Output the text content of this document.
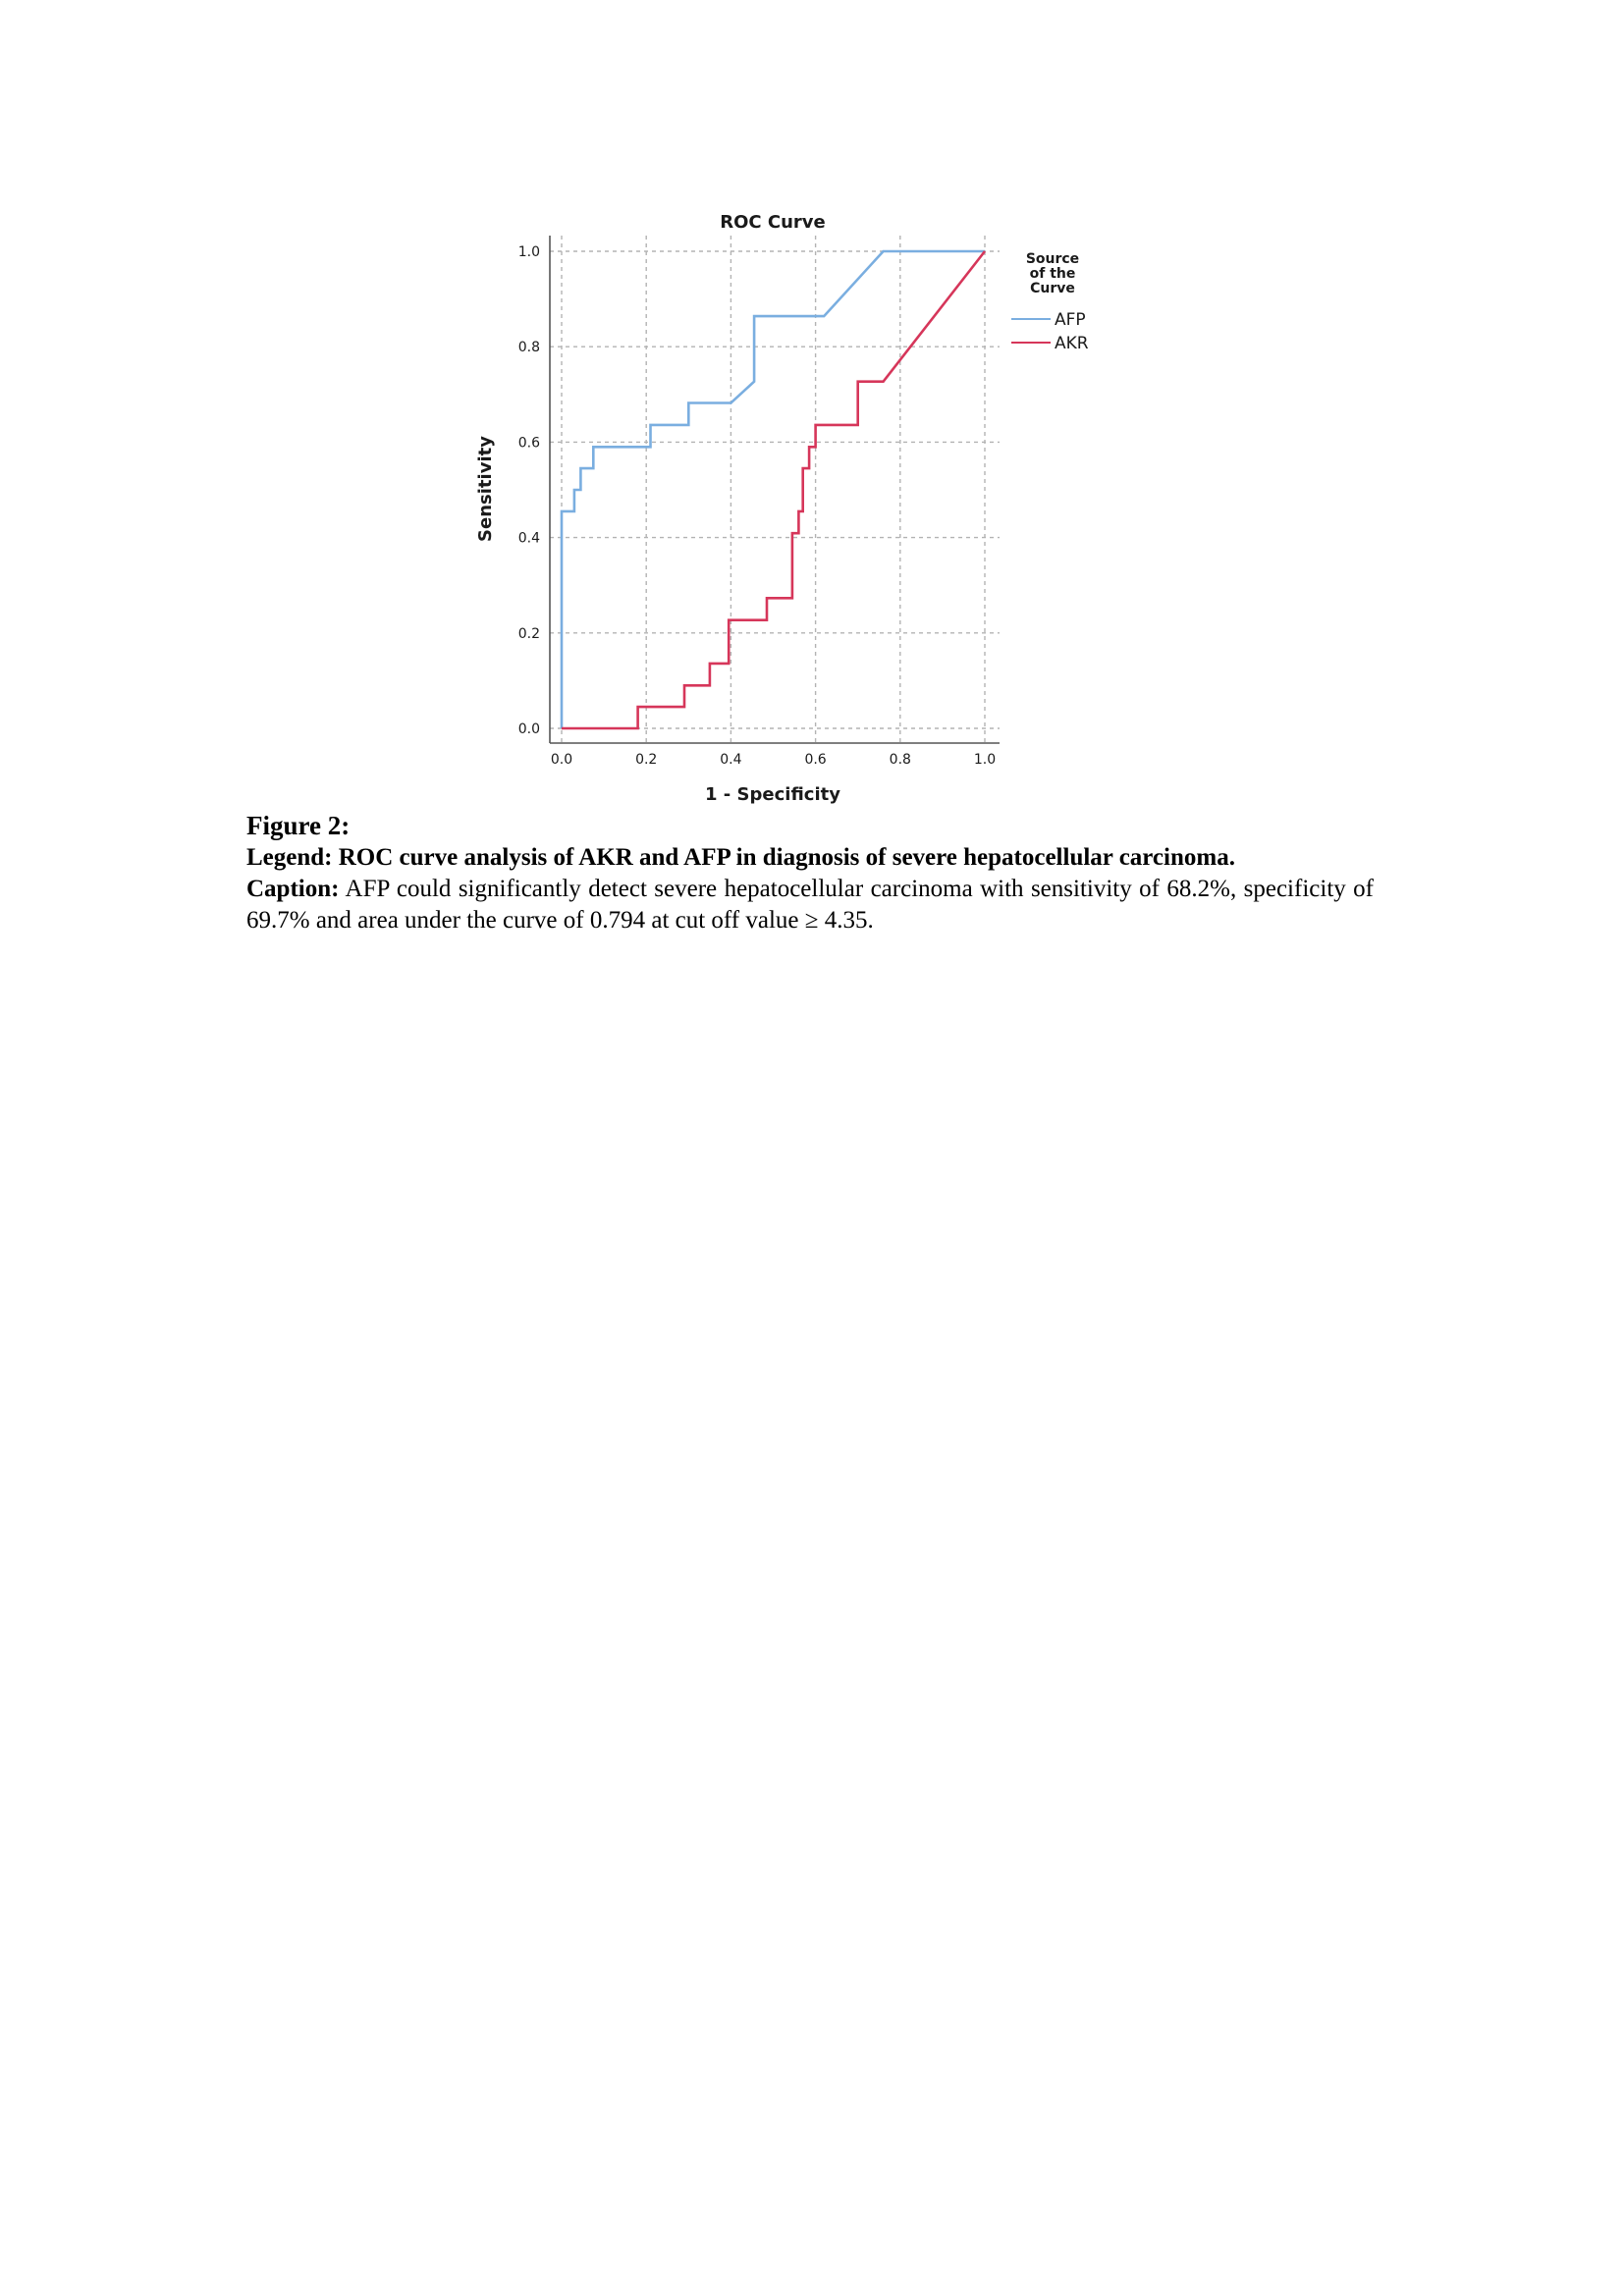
ROC Curve
0.0	0.2	0.4	0.6	0.8	1.0
0.0
0.2
0.4
0.6
0.8
1.0
1 - Specificity
Sensitivity
Source
of the
Curve
AFP
AKR

Figure 2:

Legend: ROC curve analysis of AKR and AFP in diagnosis of severe hepatocellular carcinoma.

Caption: AFP could significantly detect severe hepatocellular carcinoma with sensitivity of 68.2%, specificity of 69.7% and area under the curve of 0.794 at cut off value ≥ 4.35.
